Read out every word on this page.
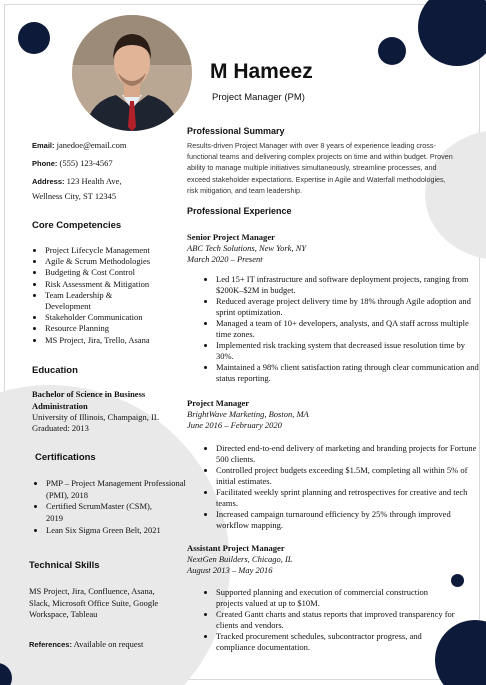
M Hameez
Project Manager (PM)
Email: janedoe@email.com
Phone: (555) 123-4567
Address: 123 Health Ave,
Wellness City, ST 12345
Core Competencies
• Project Lifecycle Management
• Agile & Scrum Methodologies
• Budgeting & Cost Control
• Risk Assessment & Mitigation
• Team Leadership & Development
• Stakeholder Communication
• Resource Planning
• MS Project, Jira, Trello, Asana
Education
Bachelor of Science in Business Administration
University of Illinois, Champaign, IL
Graduated: 2013
Certifications
• PMP – Project Management Professional (PMI), 2018
• Certified ScrumMaster (CSM), 2019
• Lean Six Sigma Green Belt, 2021
Technical Skills
MS Project, Jira, Confluence, Asana, Slack, Microsoft Office Suite, Google Workspace, Tableau
References: Available on request
Professional Summary
Results-driven Project Manager with over 8 years of experience leading cross-functional teams and delivering complex projects on time and within budget. Proven ability to manage multiple initiatives simultaneously, streamline processes, and exceed stakeholder expectations. Expertise in Agile and Waterfall methodologies, risk mitigation, and team leadership.
Professional Experience
Senior Project Manager
ABC Tech Solutions, New York, NY
March 2020 – Present
• Led 15+ IT infrastructure and software deployment projects, ranging from $200K–$2M in budget.
• Reduced average project delivery time by 18% through Agile adoption and sprint optimization.
• Managed a team of 10+ developers, analysts, and QA staff across multiple time zones.
• Implemented risk tracking system that decreased issue resolution time by 30%.
• Maintained a 98% client satisfaction rating through clear communication and status reporting.
Project Manager
BrightWave Marketing, Boston, MA
June 2016 – February 2020
• Directed end-to-end delivery of marketing and branding projects for Fortune 500 clients.
• Controlled project budgets exceeding $1.5M, completing all within 5% of initial estimates.
• Facilitated weekly sprint planning and retrospectives for creative and tech teams.
• Increased campaign turnaround efficiency by 25% through improved workflow mapping.
Assistant Project Manager
NextGen Builders, Chicago, IL
August 2013 – May 2016
• Supported planning and execution of commercial construction projects valued at up to $10M.
• Created Gantt charts and status reports that improved transparency for clients and vendors.
• Tracked procurement schedules, subcontractor progress, and compliance documentation.
